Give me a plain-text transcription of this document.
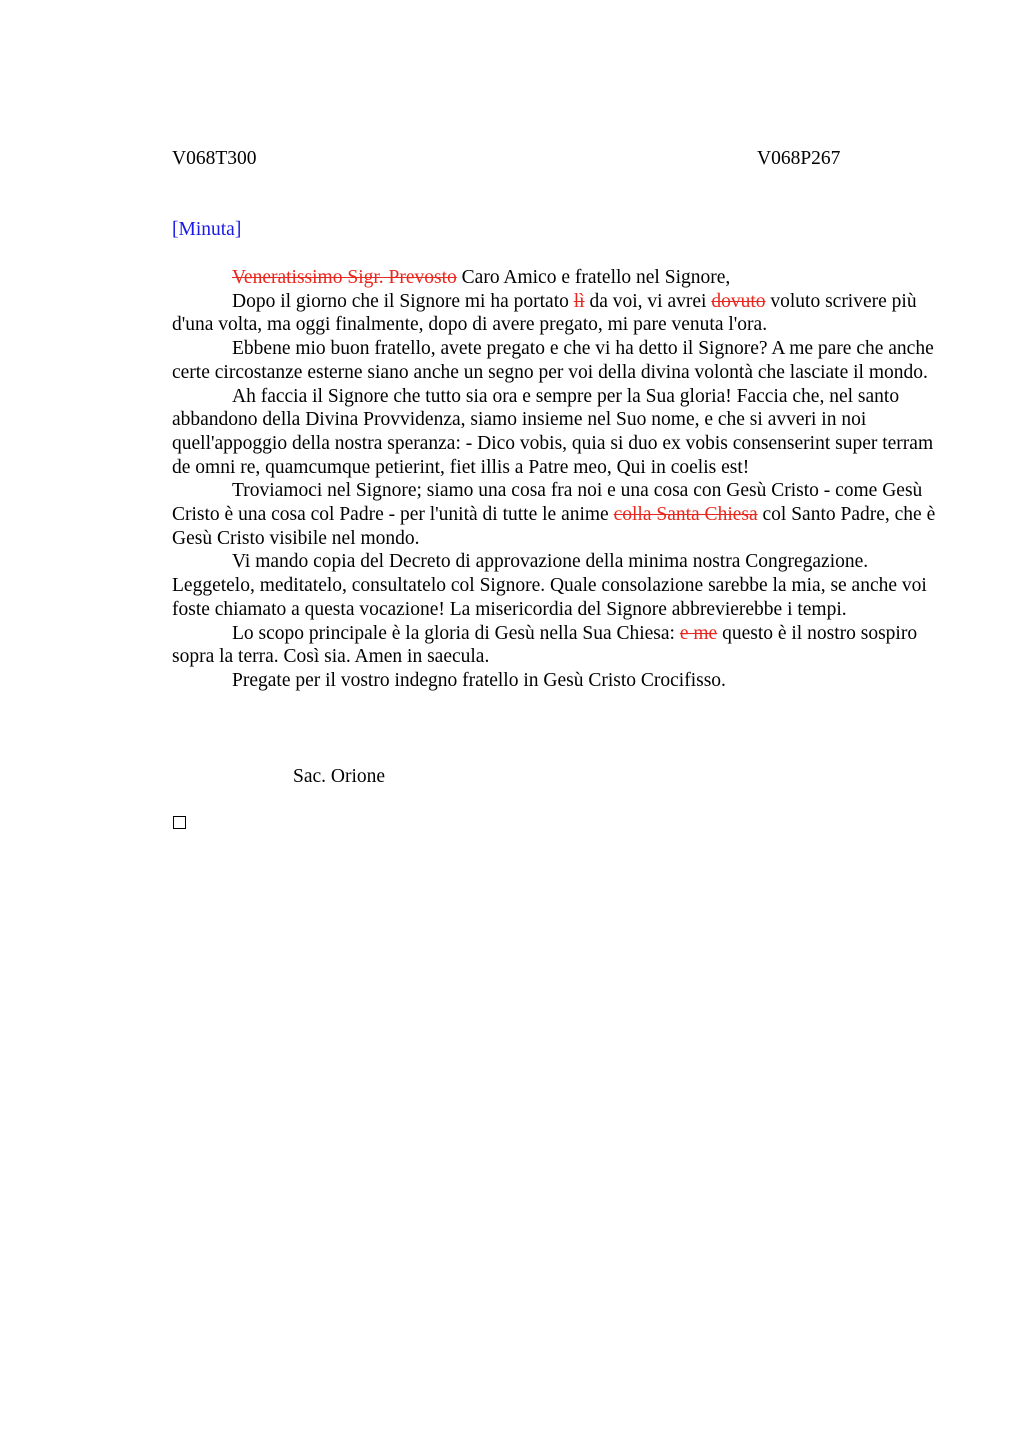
V068T300	V068P267
[Minuta]

Veneratissimo Sigr. Prevosto Caro Amico e fratello nel Signore,

Dopo il giorno che il Signore mi ha portato lì da voi, vi avrei dovuto voluto scrivere più d'una volta, ma oggi finalmente, dopo di avere pregato, mi pare venuta l'ora.

Ebbene mio buon fratello, avete pregato e che vi ha detto il Signore? A me pare che anche certe circostanze esterne siano anche un segno per voi della divina volontà che lasciate il mondo.

Ah faccia il Signore che tutto sia ora e sempre per la Sua gloria! Faccia che, nel santo abbandono della Divina Provvidenza, siamo insieme nel Suo nome, e che si avveri in noi quell'appoggio della nostra speranza: - Dico vobis, quia si duo ex vobis consenserint super terram de omni re, quamcumque petierint, fiet illis a Patre meo, Qui in coelis est!

Troviamoci nel Signore; siamo una cosa fra noi e una cosa con Gesù Cristo - come Gesù Cristo è una cosa col Padre - per l'unità di tutte le anime colla Santa Chiesa col Santo Padre, che è Gesù Cristo visibile nel mondo.

Vi mando copia del Decreto di approvazione della minima nostra Congregazione. Leggetelo, meditatelo, consultatelo col Signore. Quale consolazione sarebbe la mia, se anche voi foste chiamato a questa vocazione! La misericordia del Signore abbrevierebbe i tempi.

Lo scopo principale è la gloria di Gesù nella Sua Chiesa: e me questo è il nostro sospiro sopra la terra. Così sia. Amen in saecula.

Pregate per il vostro indegno fratello in Gesù Cristo Crocifisso.

Sac. Orione
